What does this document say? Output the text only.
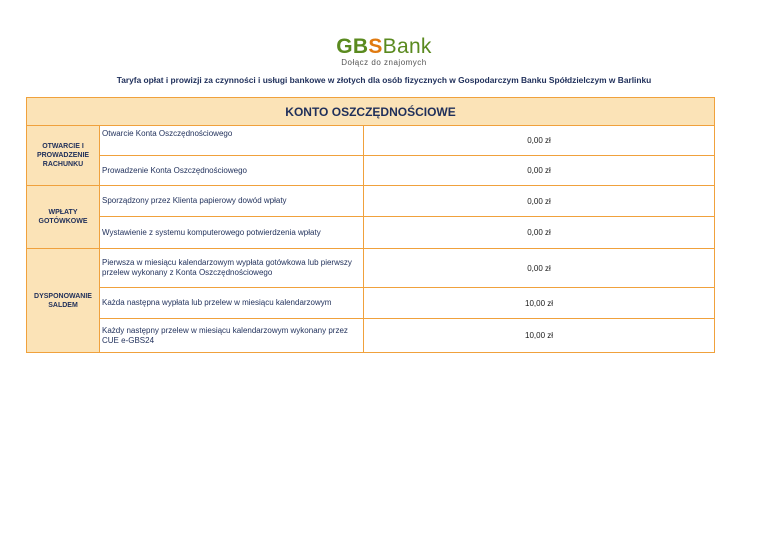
GBSBank
Dołącz do znajomych
Taryfa opłat i prowizji za czynności i usługi bankowe w złotych dla osób fizycznych w Gospodarczym Banku Spółdzielczym w Barlinku
KONTO OSZCZĘDNOŚCIOWE		
OTWARCIE I PROWADZENIE RACHUNKU	Otwarcie Konta Oszczędnościowego	0,00 zł
	Prowadzenie Konta Oszczędnościowego	0,00 zł
WPŁATY GOTÓWKOWE	Sporządzony przez Klienta papierowy dowód wpłaty	0,00 zł
	Wystawienie z systemu komputerowego potwierdzenia wpłaty	0,00 zł
DYSPONOWANIE SALDEM	Pierwsza w miesiącu kalendarzowym wypłata gotówkowa lub pierwszy przelew wykonany z Konta Oszczędnościowego	0,00 zł
	Każda następna wypłata lub przelew w miesiącu kalendarzowym	10,00 zł
	Każdy następny przelew w miesiącu kalendarzowym wykonany przez CUE e-GBS24	10,00 zł
